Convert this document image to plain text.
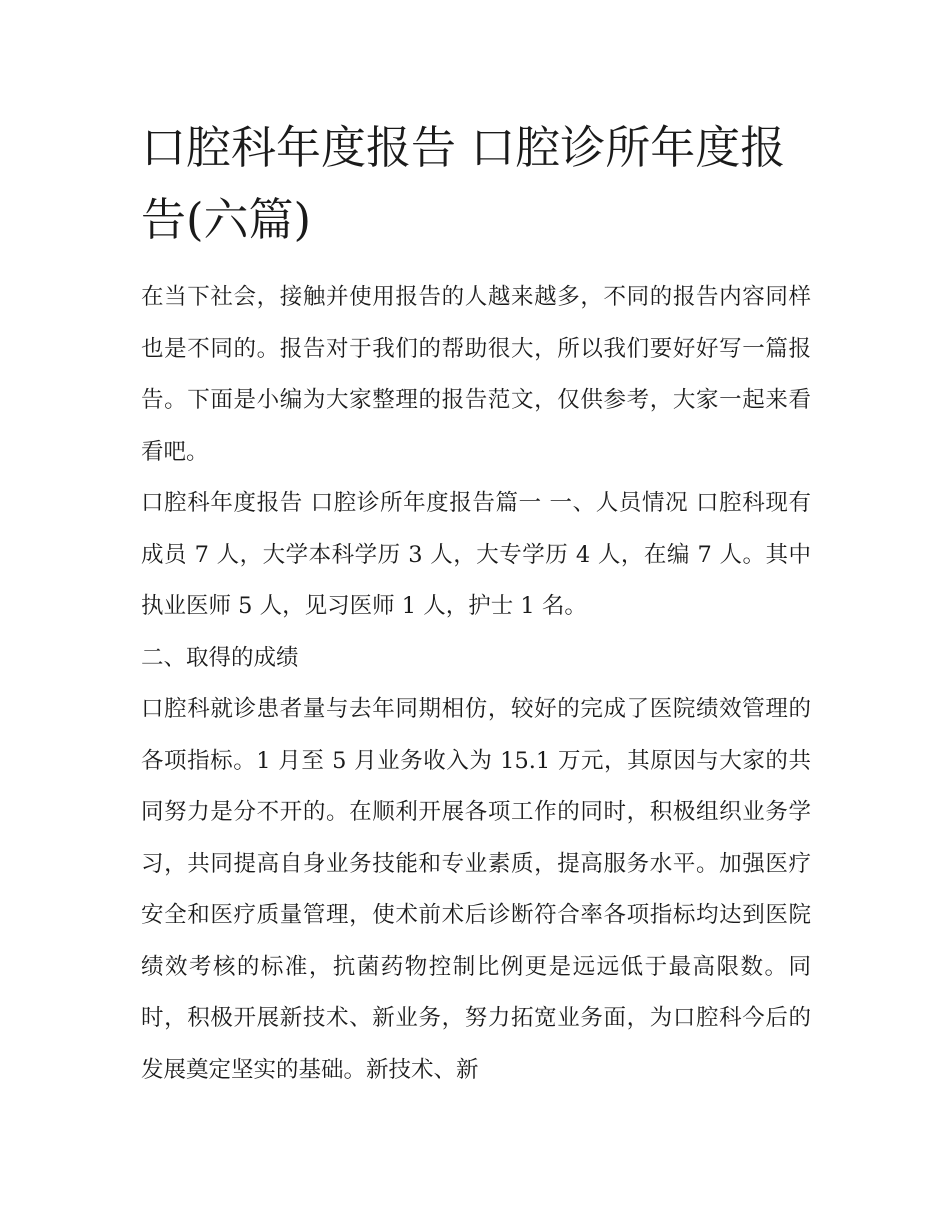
口腔科年度报告 口腔诊所年度报告(六篇)

在当下社会，接触并使用报告的人越来越多，不同的报告内容同样也是不同的。报告对于我们的帮助很大，所以我们要好好写一篇报告。下面是小编为大家整理的报告范文，仅供参考，大家一起来看看吧。

口腔科年度报告 口腔诊所年度报告篇一 一、人员情况 口腔科现有成员 7 人，大学本科学历 3 人，大专学历 4 人，在编 7 人。其中执业医师 5 人，见习医师 1 人，护士 1 名。

二、取得的成绩

口腔科就诊患者量与去年同期相仿，较好的完成了医院绩效管理的各项指标。1 月至 5 月业务收入为 15.1 万元，其原因与大家的共同努力是分不开的。在顺利开展各项工作的同时，积极组织业务学习，共同提高自身业务技能和专业素质，提高服务水平。加强医疗安全和医疗质量管理，使术前术后诊断符合率各项指标均达到医院绩效考核的标准，抗菌药物控制比例更是远远低于最高限数。同时，积极开展新技术、新业务，努力拓宽业务面，为口腔科今后的发展奠定坚实的基础。新技术、新
